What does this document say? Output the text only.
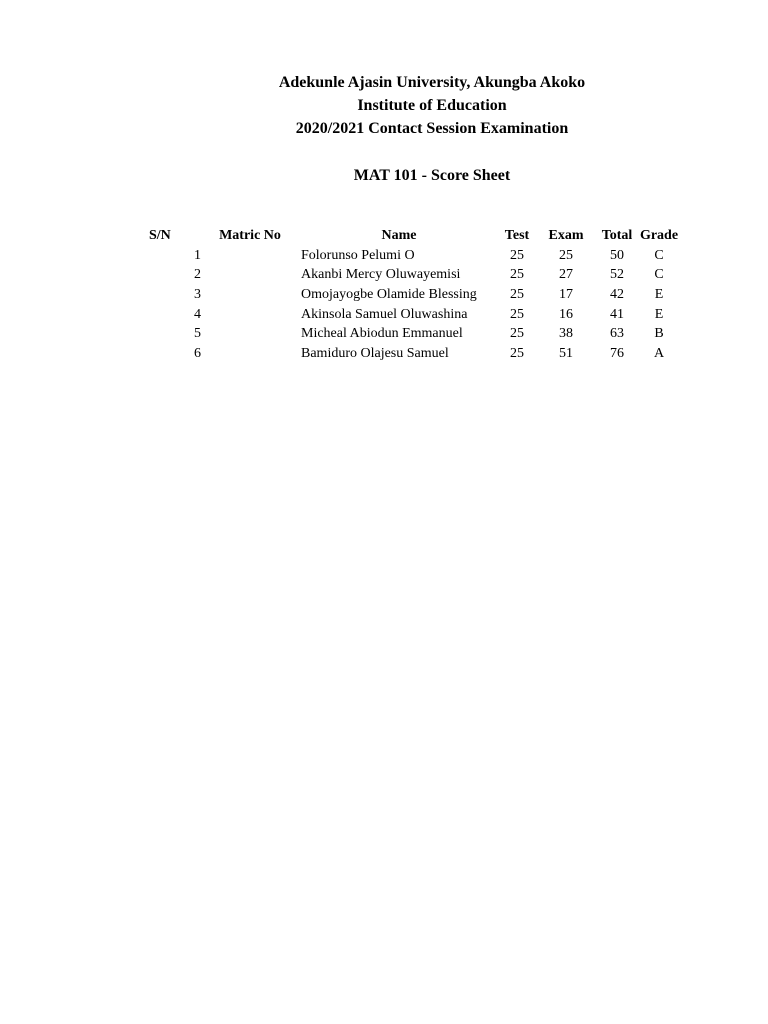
Adekunle Ajasin University, Akungba Akoko
Institute of Education
2020/2021 Contact Session Examination
MAT 101 - Score Sheet
S/N	Matric No	Name	Test	Exam	Total	Grade
1		Folorunso Pelumi O	25	25	50	C
2		Akanbi Mercy Oluwayemisi	25	27	52	C
3		Omojayogbe Olamide Blessing	25	17	42	E
4		Akinsola Samuel Oluwashina	25	16	41	E
5		Micheal Abiodun Emmanuel	25	38	63	B
6		Bamiduro Olajesu Samuel	25	51	76	A
